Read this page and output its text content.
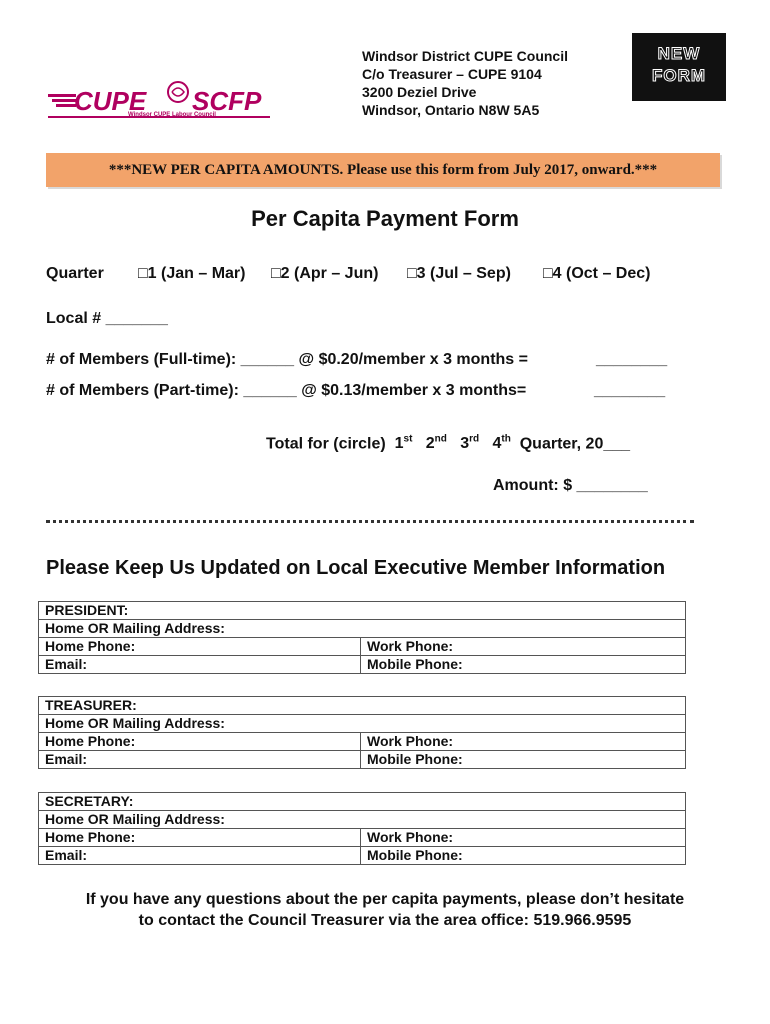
CUPE SCFP
Windsor CUPE Labour Council
Windsor District CUPE Council
C/o Treasurer – CUPE 9104
3200 Deziel Drive
Windsor, Ontario N8W 5A5
NEW
FORM
***NEW PER CAPITA AMOUNTS. Please use this form from July 2017, onward.***
Per Capita Payment Form
Quarter □1 (Jan – Mar) □2 (Apr – Jun) □3 (Jul – Sep) □4 (Oct – Dec)
Local # _______
# of Members (Full-time): ______ @ $0.20/member x 3 months =	________
# of Members (Part-time): ______ @ $0.13/member x 3 months=	________
Total for (circle) 1st 2nd 3rd 4th Quarter, 20___
Amount: $ ________
Please Keep Us Updated on Local Executive Member Information
PRESIDENT:	
Home OR Mailing Address:	
Home Phone:	Work Phone:
Email:	Mobile Phone:
TREASURER:	
Home OR Mailing Address:	
Home Phone:	Work Phone:
Email:	Mobile Phone:
SECRETARY:	
Home OR Mailing Address:	
Home Phone:	Work Phone:
Email:	Mobile Phone:
If you have any questions about the per capita payments, please don’t hesitate
to contact the Council Treasurer via the area office: 519.966.9595
